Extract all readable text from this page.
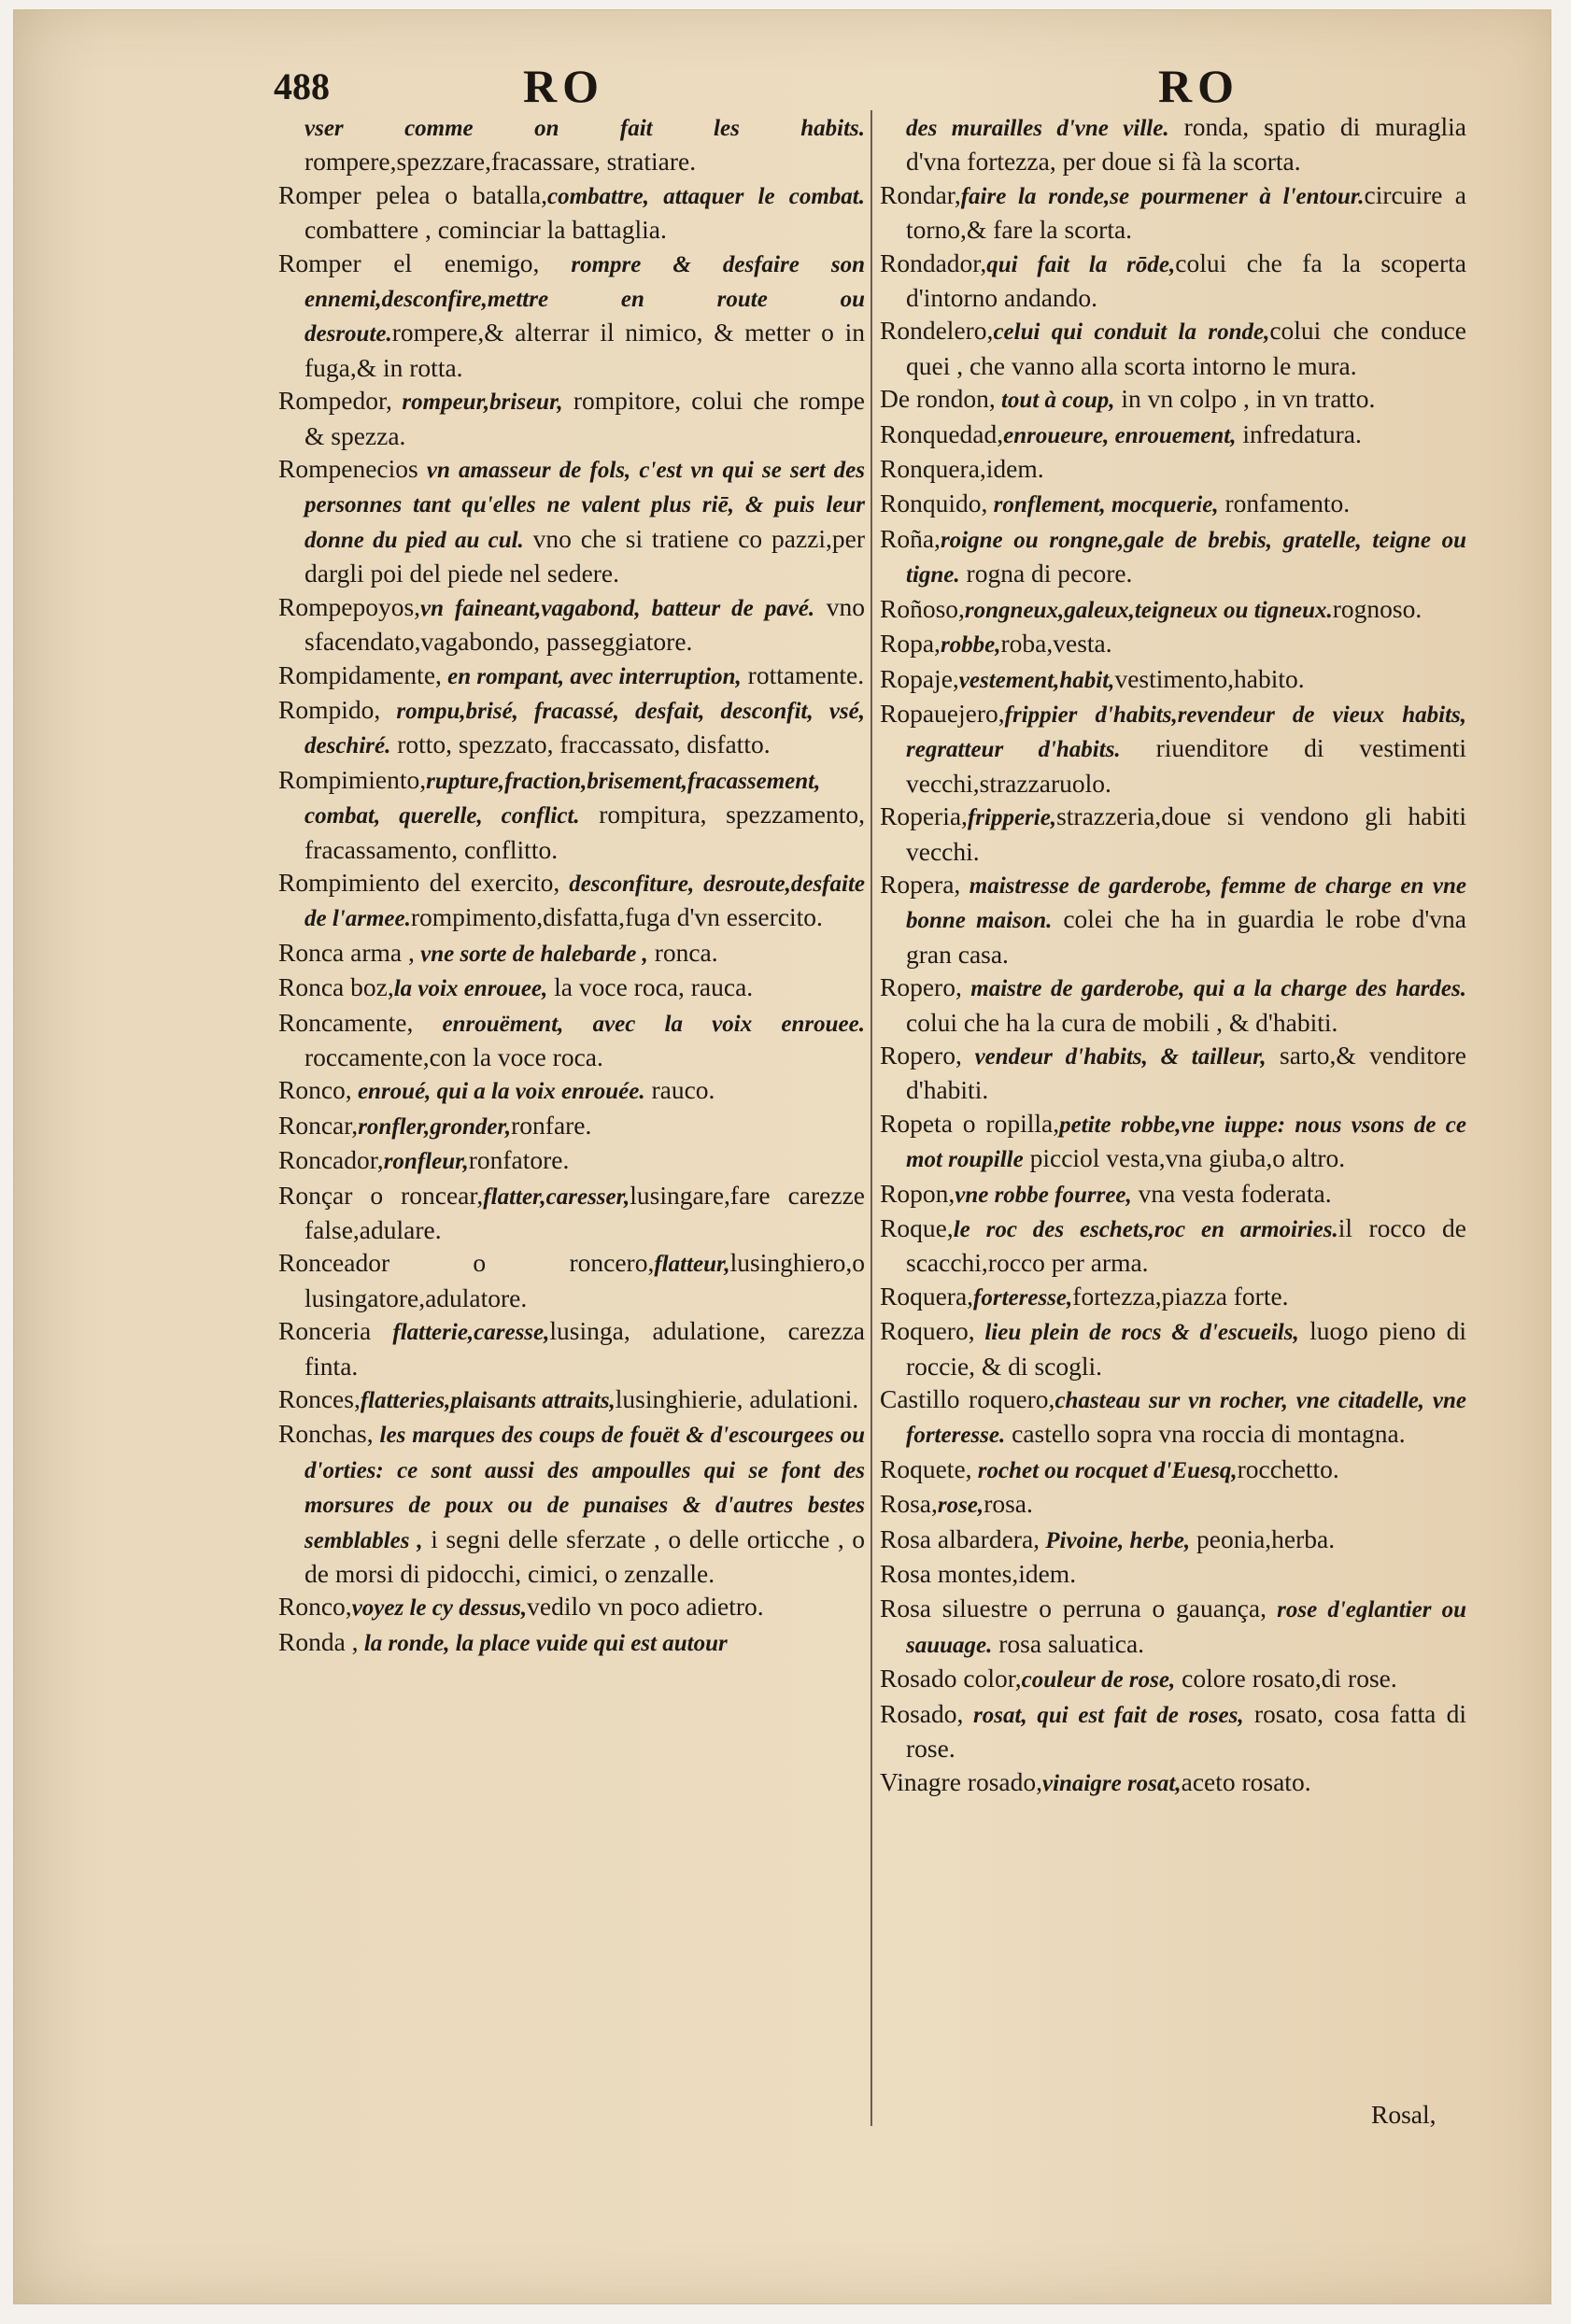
488	RO	RO
vser comme on fait les habits. rompere,spezzare,fracassare, stratiare.
Romper pelea o batalla,combattre, attaquer le combat. combattere , cominciar la battaglia.
Romper el enemigo, rompre & desfaire son ennemi,desconfire,mettre en route ou desroute.rompere,& alterrar il nimico, & metter o in fuga,& in rotta.
Rompedor, rompeur,briseur, rompitore, colui che rompe & spezza.
Rompenecios vn amasseur de fols, c'est vn qui se sert des personnes tant qu'elles ne valent plus riē, & puis leur donne du pied au cul. vno che si tratiene co pazzi,per dargli poi del piede nel sedere.
Rompepoyos,vn faineant,vagabond, batteur de pavé. vno sfacendato,vagabondo, passeggiatore.
Rompidamente, en rompant, avec interruption, rottamente.
Rompido, rompu,brisé, fracassé, desfait, desconfit, vsé, deschiré. rotto, spezzato, fraccassato, disfatto.
Rompimiento,rupture,fraction,brisement,fracassement, combat, querelle, conflict. rompitura, spezzamento, fracassamento, conflitto.
Rompimiento del exercito, desconfiture, desroute,desfaite de l'armee.rompimento,disfatta,fuga d'vn essercito.
Ronca arma , vne sorte de halebarde , ronca.
Ronca boz,la voix enrouee, la voce roca, rauca.
Roncamente, enrouëment, avec la voix enrouee. roccamente,con la voce roca.
Ronco, enroué, qui a la voix enrouée. rauco.
Roncar,ronfler,gronder,ronfare.
Roncador,ronfleur,ronfatore.
Ronçar o roncear,flatter,caresser,lusingare,fare carezze false,adulare.
Ronceador o roncero,flatteur,lusinghiero,o lusingatore,adulatore.
Ronceria flatterie,caresse,lusinga, adulatione, carezza finta.
Ronces,flatteries,plaisants attraits,lusinghierie, adulationi.
Ronchas, les marques des coups de fouët & d'escourgees ou d'orties: ce sont aussi des ampoulles qui se font des morsures de poux ou de punaises & d'autres bestes semblables , i segni delle sferzate , o delle orticche , o de morsi di pidocchi, cimici, o zenzalle.
Ronco,voyez le cy dessus,vedilo vn poco adietro.
Ronda , la ronde, la place vuide qui est autour
des murailles d'vne ville. ronda, spatio di muraglia d'vna fortezza, per doue si fà la scorta.
Rondar,faire la ronde,se pourmener à l'entour.circuire a torno,& fare la scorta.
Rondador,qui fait la rōde,colui che fa la scoperta d'intorno andando.
Rondelero,celui qui conduit la ronde,colui che conduce quei , che vanno alla scorta intorno le mura.
De rondon, tout à coup, in vn colpo , in vn tratto.
Ronquedad,enroueure, enrouement, infredatura.
Ronquera,idem.
Ronquido, ronflement, mocquerie, ronfamento.
Roña,roigne ou rongne,gale de brebis, gratelle, teigne ou tigne. rogna di pecore.
Roñoso,rongneux,galeux,teigneux ou tigneux.rognoso.
Ropa,robbe,roba,vesta.
Ropaje,vestement,habit,vestimento,habito.
Ropauejero,frippier d'habits,revendeur de vieux habits, regratteur d'habits. riuenditore di vestimenti vecchi,strazzaruolo.
Roperia,fripperie,strazzeria,doue si vendono gli habiti vecchi.
Ropera, maistresse de garderobe, femme de charge en vne bonne maison. colei che ha in guardia le robe d'vna gran casa.
Ropero, maistre de garderobe, qui a la charge des hardes. colui che ha la cura de mobili , & d'habiti.
Ropero, vendeur d'habits, & tailleur, sarto,& venditore d'habiti.
Ropeta o ropilla,petite robbe,vne iuppe: nous vsons de ce mot roupille picciol vesta,vna giuba,o altro.
Ropon,vne robbe fourree, vna vesta foderata.
Roque,le roc des eschets,roc en armoiries.il rocco de scacchi,rocco per arma.
Roquera,forteresse,fortezza,piazza forte.
Roquero, lieu plein de rocs & d'escueils, luogo pieno di roccie, & di scogli.
Castillo roquero,chasteau sur vn rocher, vne citadelle, vne forteresse. castello sopra vna roccia di montagna.
Roquete, rochet ou rocquet d'Euesq,rocchetto.
Rosa,rose,rosa.
Rosa albardera, Pivoine, herbe, peonia,herba.
Rosa montes,idem.
Rosa siluestre o perruna o gauança, rose d'eglantier ou sauuage. rosa saluatica.
Rosado color,couleur de rose, colore rosato,di rose.
Rosado, rosat, qui est fait de roses, rosato, cosa fatta di rose.
Vinagre rosado,vinaigre rosat,aceto rosato.
Rosal,
